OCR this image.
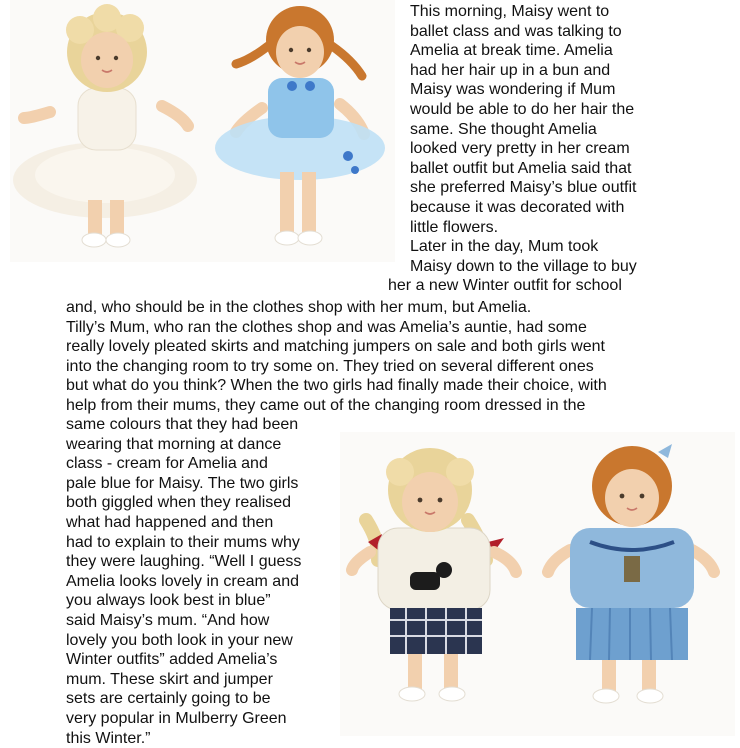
This morning, Maisy went to
ballet class and was talking to
Amelia at break time. Amelia
had her hair up in a bun and
Maisy was wondering if Mum
would be able to do her hair the
same. She thought Amelia
looked very pretty in her cream
ballet outfit but Amelia said that
she preferred Maisy’s blue outfit
because it was decorated with
little flowers.
Later in the day, Mum took
Maisy down to the village to buy
her a new Winter outfit for school
and, who should be in the clothes shop with her mum, but Amelia.
Tilly’s Mum, who ran the clothes shop and was Amelia’s auntie, had some
really lovely pleated skirts and matching jumpers on sale and both girls went
into the changing room to try some on. They tried on several different ones
but what do you think? When the two girls had finally made their choice, with
help from their mums, they came out of the changing room dressed in the
same colours that they had been
wearing that morning at dance
class - cream for Amelia and
pale blue for Maisy. The two girls
both giggled when they realised
what had happened and then
had to explain to their mums why
they were laughing. “Well I guess
Amelia looks lovely in cream and
you always look best in blue”
said Maisy’s mum. “And how
lovely you both look in your new
Winter outfits” added Amelia’s
mum. These skirt and jumper
sets are certainly going to be
very popular in Mulberry Green
this Winter.”
